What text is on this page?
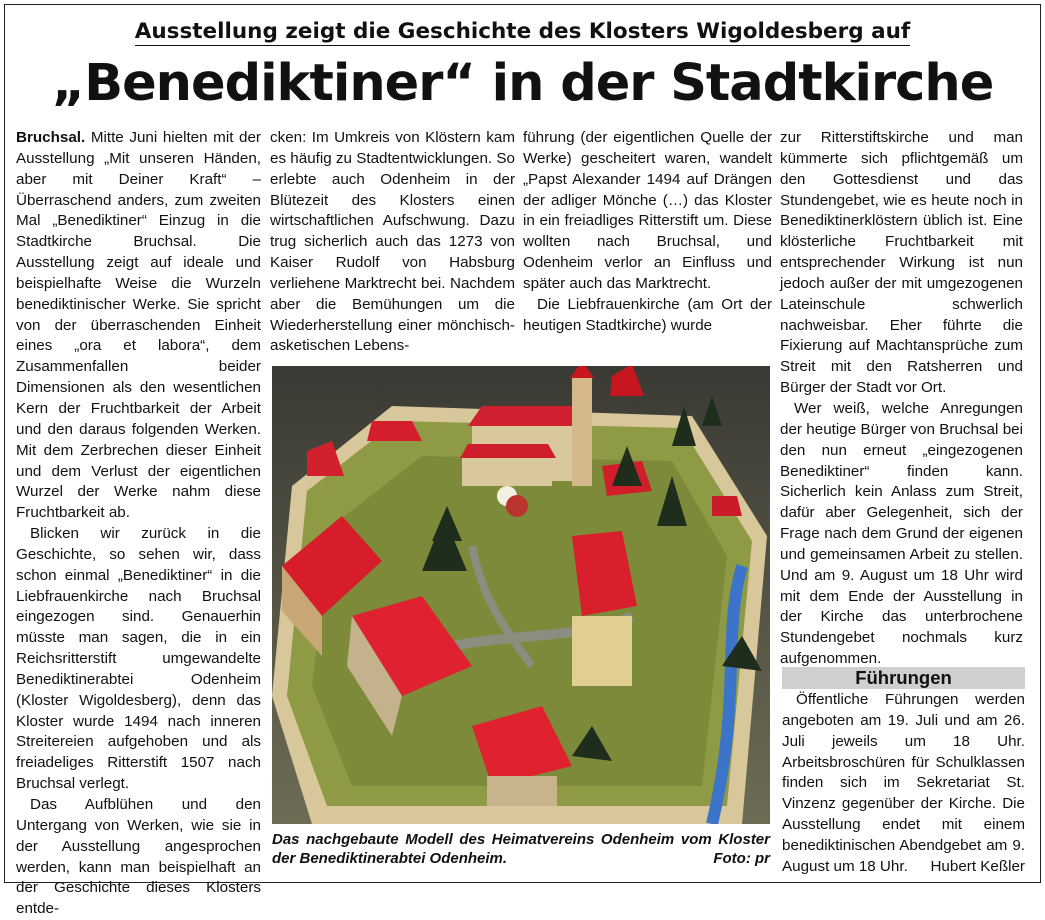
Ausstellung zeigt die Geschichte des Klosters Wigoldesberg auf
„Benediktiner“ in der Stadtkirche

Bruchsal. Mitte Juni hielten mit der Ausstellung „Mit unseren Händen, aber mit Deiner Kraft“ – Überraschend anders, zum zweiten Mal „Benediktiner“ Einzug in die Stadtkirche Bruchsal. Die Ausstellung zeigt auf ideale und beispielhafte Weise die Wurzeln benediktinischer Werke. Sie spricht von der überraschenden Einheit eines „ora et labora“, dem Zusammenfallen beider Dimensionen als den wesentlichen Kern der Fruchtbarkeit der Arbeit und den daraus folgenden Werken. Mit dem Zerbrechen dieser Einheit und dem Verlust der eigentlichen Wurzel der Werke nahm diese Fruchtbarkeit ab.

Blicken wir zurück in die Geschichte, so sehen wir, dass schon einmal „Benediktiner“ in die Liebfrauenkirche nach Bruchsal eingezogen sind. Genauerhin müsste man sagen, die in ein Reichsritterstift umgewandelte Benediktinerabtei Odenheim (Kloster Wigoldesberg), denn das Kloster wurde 1494 nach inneren Streitereien aufgehoben und als freiadeliges Ritterstift 1507 nach Bruchsal verlegt.

Das Aufblühen und den Untergang von Werken, wie sie in der Ausstellung angesprochen werden, kann man beispielhaft an der Geschichte dieses Klosters entde-

cken: Im Umkreis von Klöstern kam es häufig zu Stadtentwicklungen. So erlebte auch Odenheim in der Blütezeit des Klosters einen wirtschaftlichen Aufschwung. Dazu trug sicherlich auch das 1273 von Kaiser Rudolf von Habsburg verliehene Marktrecht bei. Nachdem aber die Bemühungen um die Wiederherstellung einer mönchisch-asketischen Lebens-

führung (der eigentlichen Quelle der Werke) gescheitert waren, wandelt „Papst Alexander 1494 auf Drängen der adliger Mönche (…) das Kloster in ein freiadliges Ritterstift um. Diese wollten nach Bruchsal, und Odenheim verlor an Einfluss und später auch das Marktrecht.

Die Liebfrauenkirche (am Ort der heutigen Stadtkirche) wurde

zur Ritterstiftskirche und man kümmerte sich pflichtgemäß um den Gottesdienst und das Stundengebet, wie es heute noch in Benediktinerklöstern üblich ist. Eine klösterliche Fruchtbarkeit mit entsprechender Wirkung ist nun jedoch außer der mit umgezogenen Lateinschule schwerlich nachweisbar. Eher führte die Fixierung auf Machtansprüche zum Streit mit den Ratsherren und Bürger der Stadt vor Ort.

Wer weiß, welche Anregungen der heutige Bürger von Bruchsal bei den nun erneut „eingezogenen Benediktiner“ finden kann. Sicherlich kein Anlass zum Streit, dafür aber Gelegenheit, sich der Frage nach dem Grund der eigenen und gemeinsamen Arbeit zu stellen. Und am 9. August um 18 Uhr wird mit dem Ende der Ausstellung in der Kirche das unterbrochene Stundengebet nochmals kurz aufgenommen.

Das nachgebaute Modell des Heimatvereins Odenheim vom Kloster der Benediktinerabtei Odenheim.	Foto: pr
Führungen

Öffentliche Führungen werden angeboten am 19. Juli und am 26. Juli jeweils um 18 Uhr. Arbeitsbroschüren für Schulklassen finden sich im Sekretariat St. Vinzenz gegenüber der Kirche. Die Ausstellung endet mit einem benediktinischen Abendgebet am 9. August um 18 Uhr.	Hubert Keßler
